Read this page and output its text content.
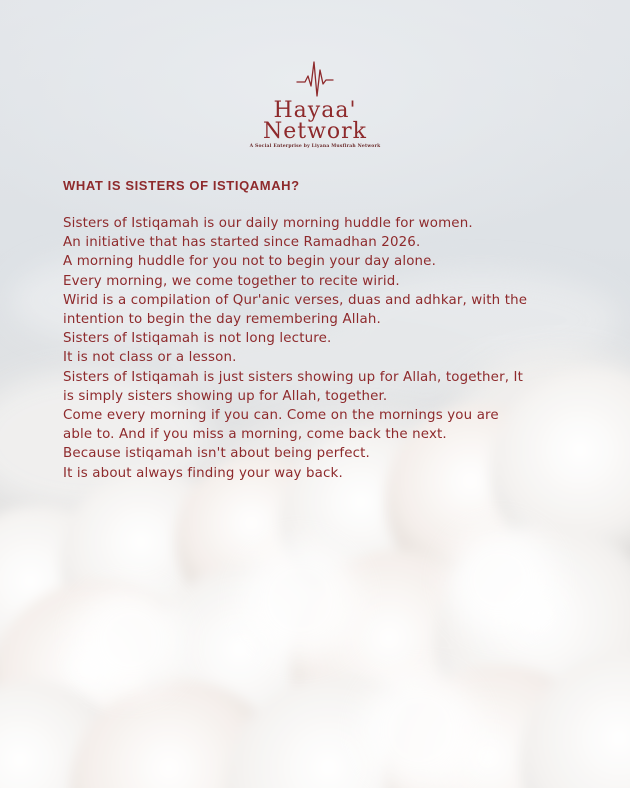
Hayaa'
Network
A Social Enterprise by Liyana Musfirah Network
WHAT IS SISTERS OF ISTIQAMAH?
Sisters of Istiqamah is our daily morning huddle for women.
An initiative that has started since Ramadhan 2026.
A morning huddle for you not to begin your day alone.
Every morning, we come together to recite wirid.
Wirid is a compilation of Qur'anic verses, duas and adhkar, with the
intention to begin the day remembering Allah.
Sisters of Istiqamah is not long lecture.
It is not class or a lesson.
Sisters of Istiqamah is just sisters showing up for Allah, together, It
is simply sisters showing up for Allah, together.
Come every morning if you can. Come on the mornings you are
able to. And if you miss a morning, come back the next.
Because istiqamah isn't about being perfect.
It is about always finding your way back.
